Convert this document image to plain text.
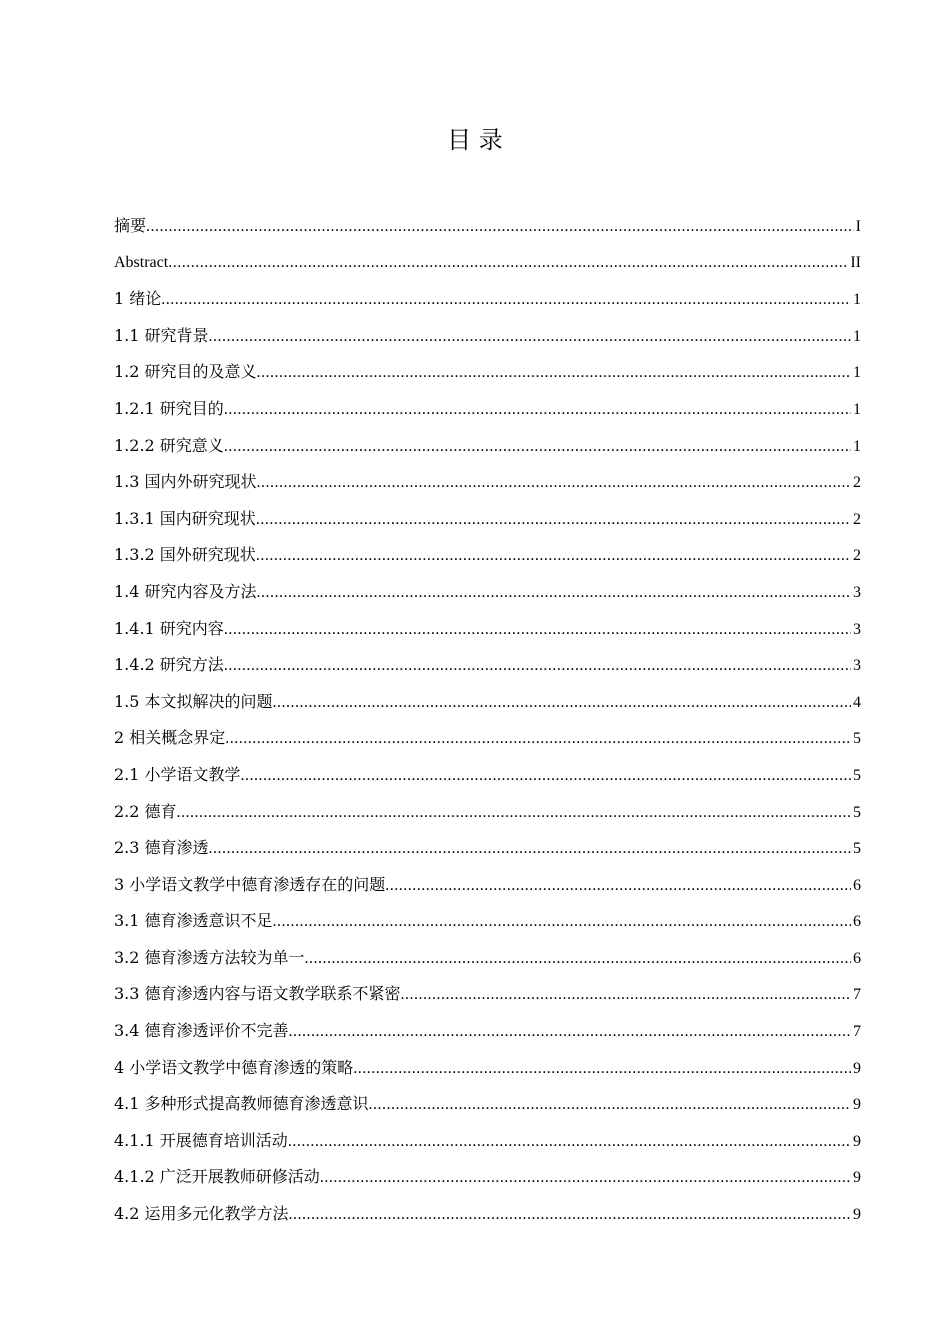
目 录
摘要 .....	I
Abstract .....	II
1 绪论 .....	1
1.1 研究背景 .....	1
1.2 研究目的及意义 .....	1
1.2.1 研究目的 .....	1
1.2.2 研究意义 .....	1
1.3 国内外研究现状 .....	2
1.3.1 国内研究现状 .....	2
1.3.2 国外研究现状 .....	2
1.4 研究内容及方法 .....	3
1.4.1 研究内容 .....	3
1.4.2 研究方法 .....	3
1.5 本文拟解决的问题 .....	4
2 相关概念界定 .....	5
2.1 小学语文教学 .....	5
2.2 德育 .....	5
2.3 德育渗透 .....	5
3 小学语文教学中德育渗透存在的问题 .....	6
3.1 德育渗透意识不足 .....	6
3.2 德育渗透方法较为单一 .....	6
3.3 德育渗透内容与语文教学联系不紧密 .....	7
3.4 德育渗透评价不完善 .....	7
4 小学语文教学中德育渗透的策略 .....	9
4.1 多种形式提高教师德育渗透意识 .....	9
4.1.1 开展德育培训活动 .....	9
4.1.2 广泛开展教师研修活动 .....	9
4.2 运用多元化教学方法 .....	9
